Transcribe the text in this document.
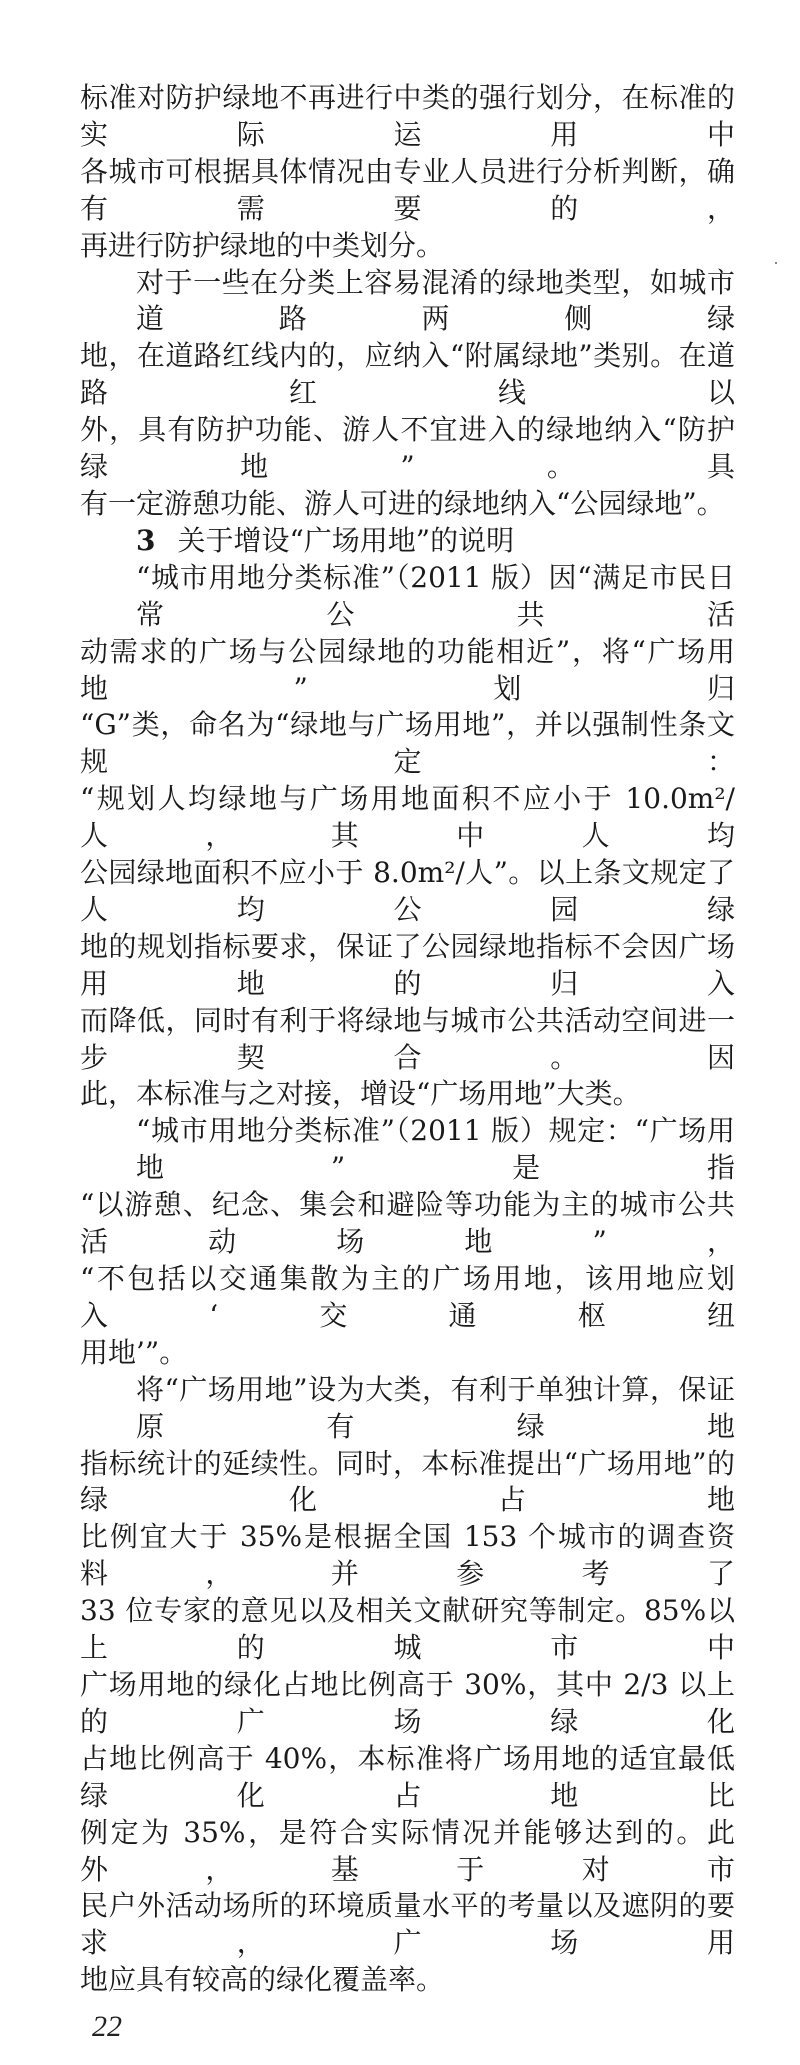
标准对防护绿地不再进行中类的强行划分，在标准的实际运用中
各城市可根据具体情况由专业人员进行分析判断，确有需要的，
再进行防护绿地的中类划分。
对于一些在分类上容易混淆的绿地类型，如城市道路两侧绿
地，在道路红线内的，应纳入“附属绿地”类别。在道路红线以
外，具有防护功能、游人不宜进入的绿地纳入“防护绿地”。具
有一定游憩功能、游人可进的绿地纳入“公园绿地”。
3 关于增设“广场用地”的说明
“城市用地分类标准”（2011 版）因“满足市民日常公共活
动需求的广场与公园绿地的功能相近”，将“广场用地”划归
“G”类，命名为“绿地与广场用地”，并以强制性条文规定：
“规划人均绿地与广场用地面积不应小于 10.0m²/人，其中人均
公园绿地面积不应小于 8.0m²/人”。以上条文规定了人均公园绿
地的规划指标要求，保证了公园绿地指标不会因广场用地的归入
而降低，同时有利于将绿地与城市公共活动空间进一步契合。因
此，本标准与之对接，增设“广场用地”大类。
“城市用地分类标准”（2011 版）规定：“广场用地”是指
“以游憩、纪念、集会和避险等功能为主的城市公共活动场地”，
“不包括以交通集散为主的广场用地，该用地应划入‘交通枢纽
用地’”。
将“广场用地”设为大类，有利于单独计算，保证原有绿地
指标统计的延续性。同时，本标准提出“广场用地”的绿化占地
比例宜大于 35%是根据全国 153 个城市的调查资料，并参考了
33 位专家的意见以及相关文献研究等制定。85%以上的城市中
广场用地的绿化占地比例高于 30%，其中 2/3 以上的广场绿化
占地比例高于 40%，本标准将广场用地的适宜最低绿化占地比
例定为 35%，是符合实际情况并能够达到的。此外，基于对市
民户外活动场所的环境质量水平的考量以及遮阴的要求，广场用
地应具有较高的绿化覆盖率。
22
